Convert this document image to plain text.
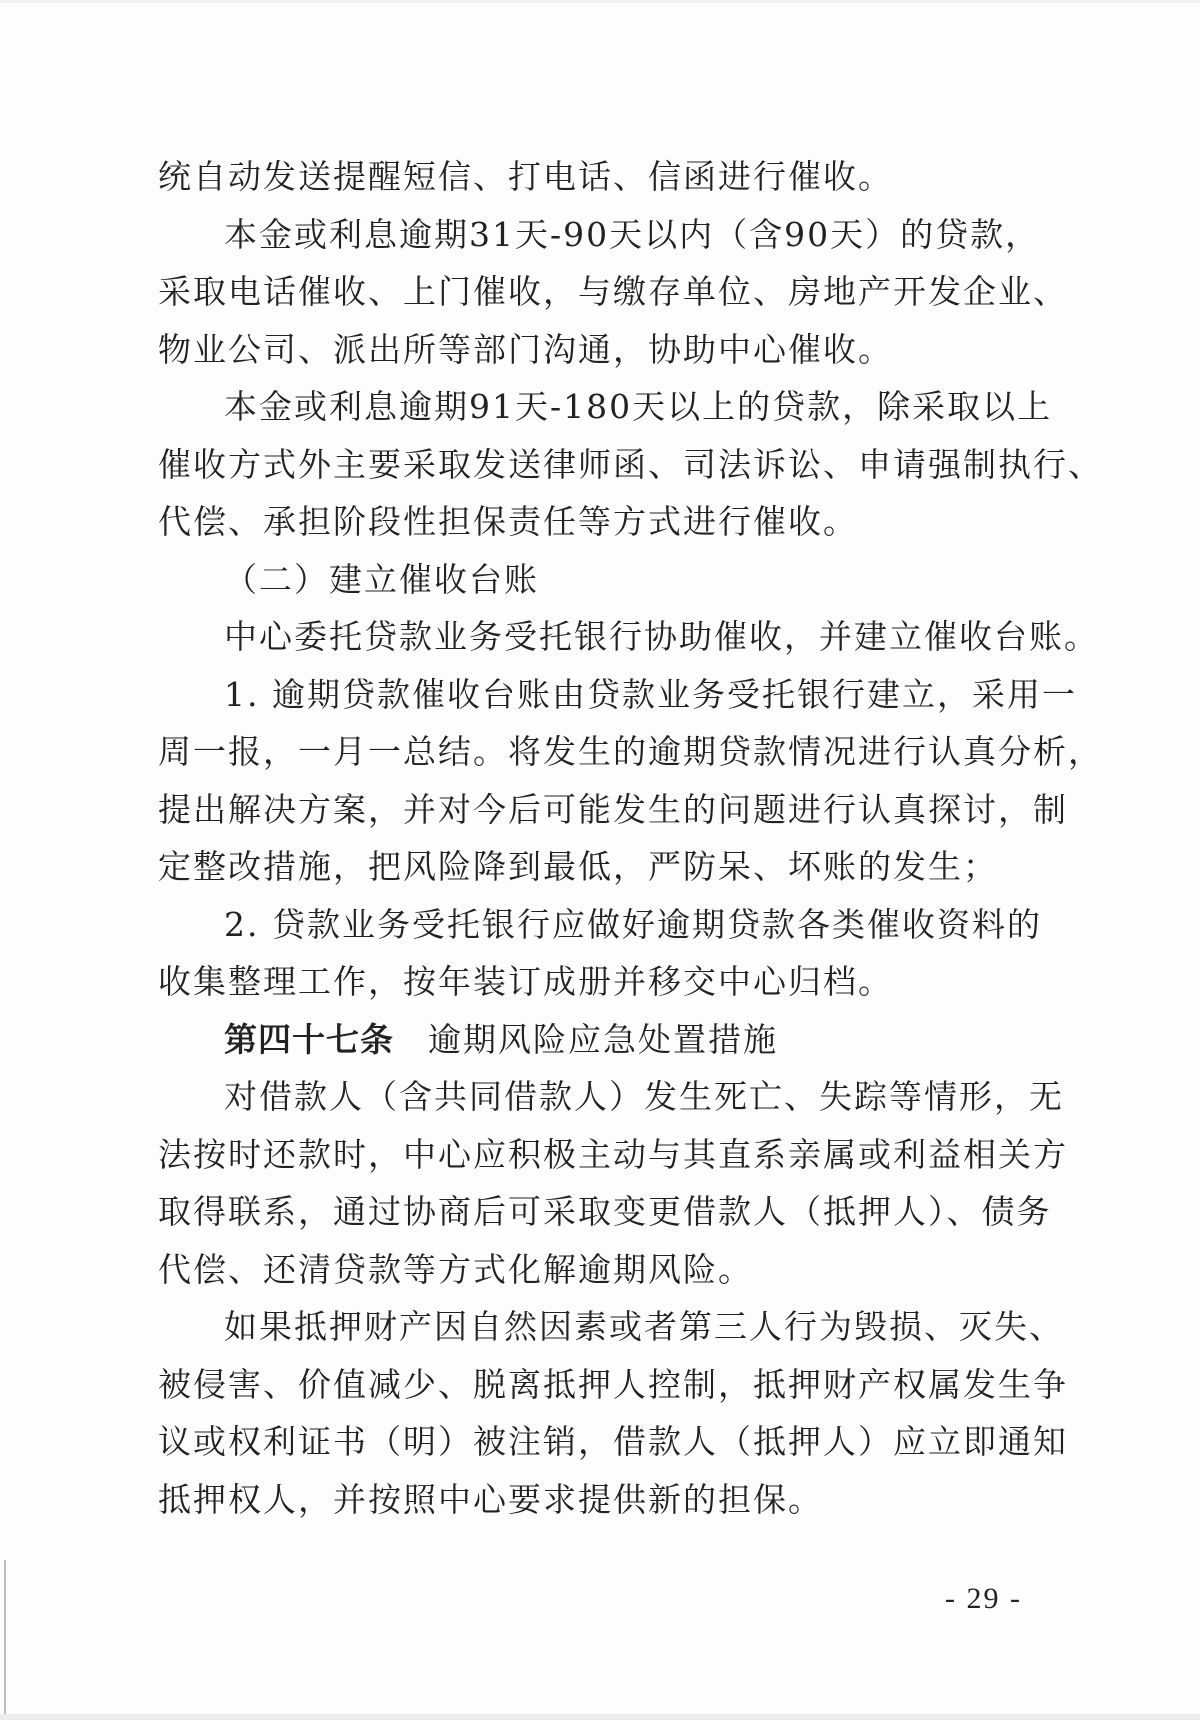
统自动发送提醒短信、打电话、信函进行催收。
本金或利息逾期31天-90天以内（含90天）的贷款，
采取电话催收、上门催收，与缴存单位、房地产开发企业、
物业公司、派出所等部门沟通，协助中心催收。
本金或利息逾期91天-180天以上的贷款，除采取以上
催收方式外主要采取发送律师函、司法诉讼、申请强制执行、
代偿、承担阶段性担保责任等方式进行催收。
（二）建立催收台账
中心委托贷款业务受托银行协助催收，并建立催收台账。
1. 逾期贷款催收台账由贷款业务受托银行建立，采用一
周一报，一月一总结。将发生的逾期贷款情况进行认真分析，
提出解决方案，并对今后可能发生的问题进行认真探讨，制
定整改措施，把风险降到最低，严防呆、坏账的发生；
2. 贷款业务受托银行应做好逾期贷款各类催收资料的
收集整理工作，按年装订成册并移交中心归档。
第四十七条 逾期风险应急处置措施
对借款人（含共同借款人）发生死亡、失踪等情形，无
法按时还款时，中心应积极主动与其直系亲属或利益相关方
取得联系，通过协商后可采取变更借款人（抵押人）、债务
代偿、还清贷款等方式化解逾期风险。
如果抵押财产因自然因素或者第三人行为毁损、灭失、
被侵害、价值减少、脱离抵押人控制，抵押财产权属发生争
议或权利证书（明）被注销，借款人（抵押人）应立即通知
抵押权人，并按照中心要求提供新的担保。
- 29 -
